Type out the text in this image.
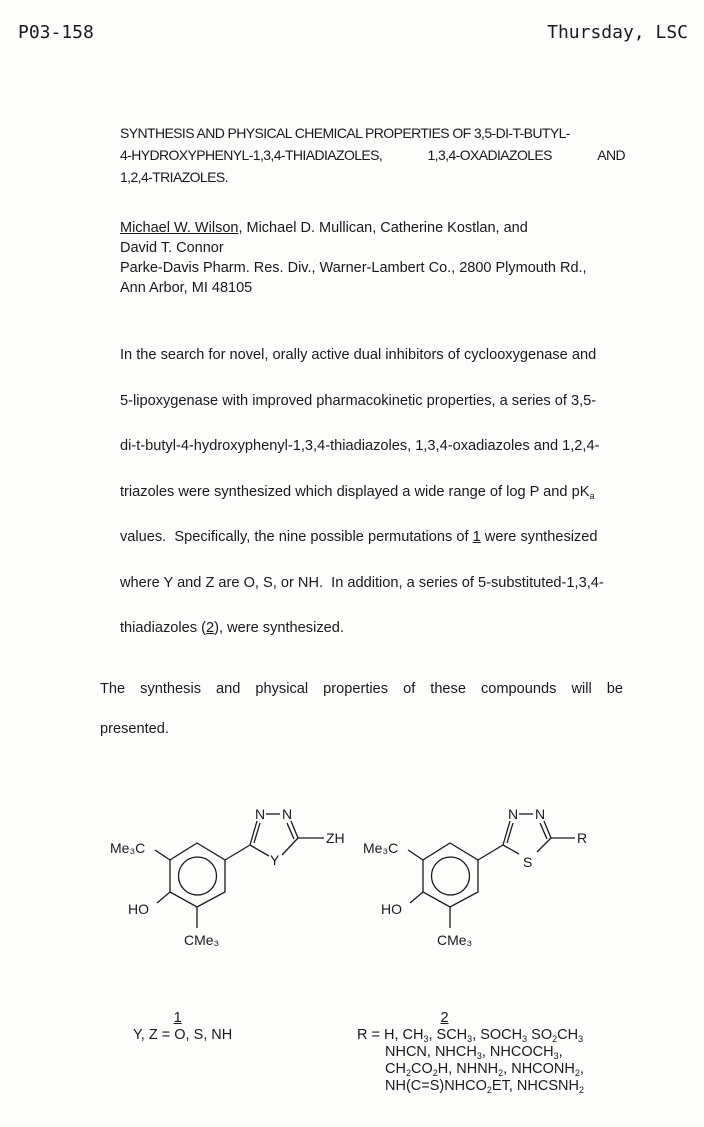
P03-158	Thursday, LSC
SYNTHESIS AND PHYSICAL CHEMICAL PROPERTIES OF 3,5-DI-T-BUTYL-
4-HYDROXYPHENYL-1,3,4-THIADIAZOLES,	1,3,4-OXADIAZOLES	AND
1,2,4-TRIAZOLES.
Michael W. Wilson, Michael D. Mullican, Catherine Kostlan, and
David T. Connor
Parke-Davis Pharm. Res. Div., Warner-Lambert Co., 2800 Plymouth Rd.,
Ann Arbor, MI 48105
In the search for novel, orally active dual inhibitors of cyclooxygenase and
5-lipoxygenase with improved pharmacokinetic properties, a series of 3,5-
di-t-butyl-4-hydroxyphenyl-1,3,4-thiadiazoles, 1,3,4-oxadiazoles and 1,2,4-
triazoles were synthesized which displayed a wide range of log P and $pK_a$
values.  Specifically, the nine possible permutations of 1 were synthesized
where Y and Z are O, S, or NH.  In addition, a series of 5-substituted-1,3,4-
thiadiazoles (2), were synthesized.
The synthesis and physical properties of these compounds will be
presented.
Me₃C
HO
CMe₃
N N
Y
ZH
Me₃C
HO
CMe₃
N N
S
R
1
Y, Z = O, S, NH
2
R = H, $CH_3$, $SCH_3$, $SOCH_3$ $SO_2CH_3$
NHCN, $NHCH_3$, $NHCOCH_3$,
$CH_2CO_2H$, $NHNH_2$, $NHCONH_2$,
$NH(C=S)NHCO_2ET$, $NHCSNH_2$
